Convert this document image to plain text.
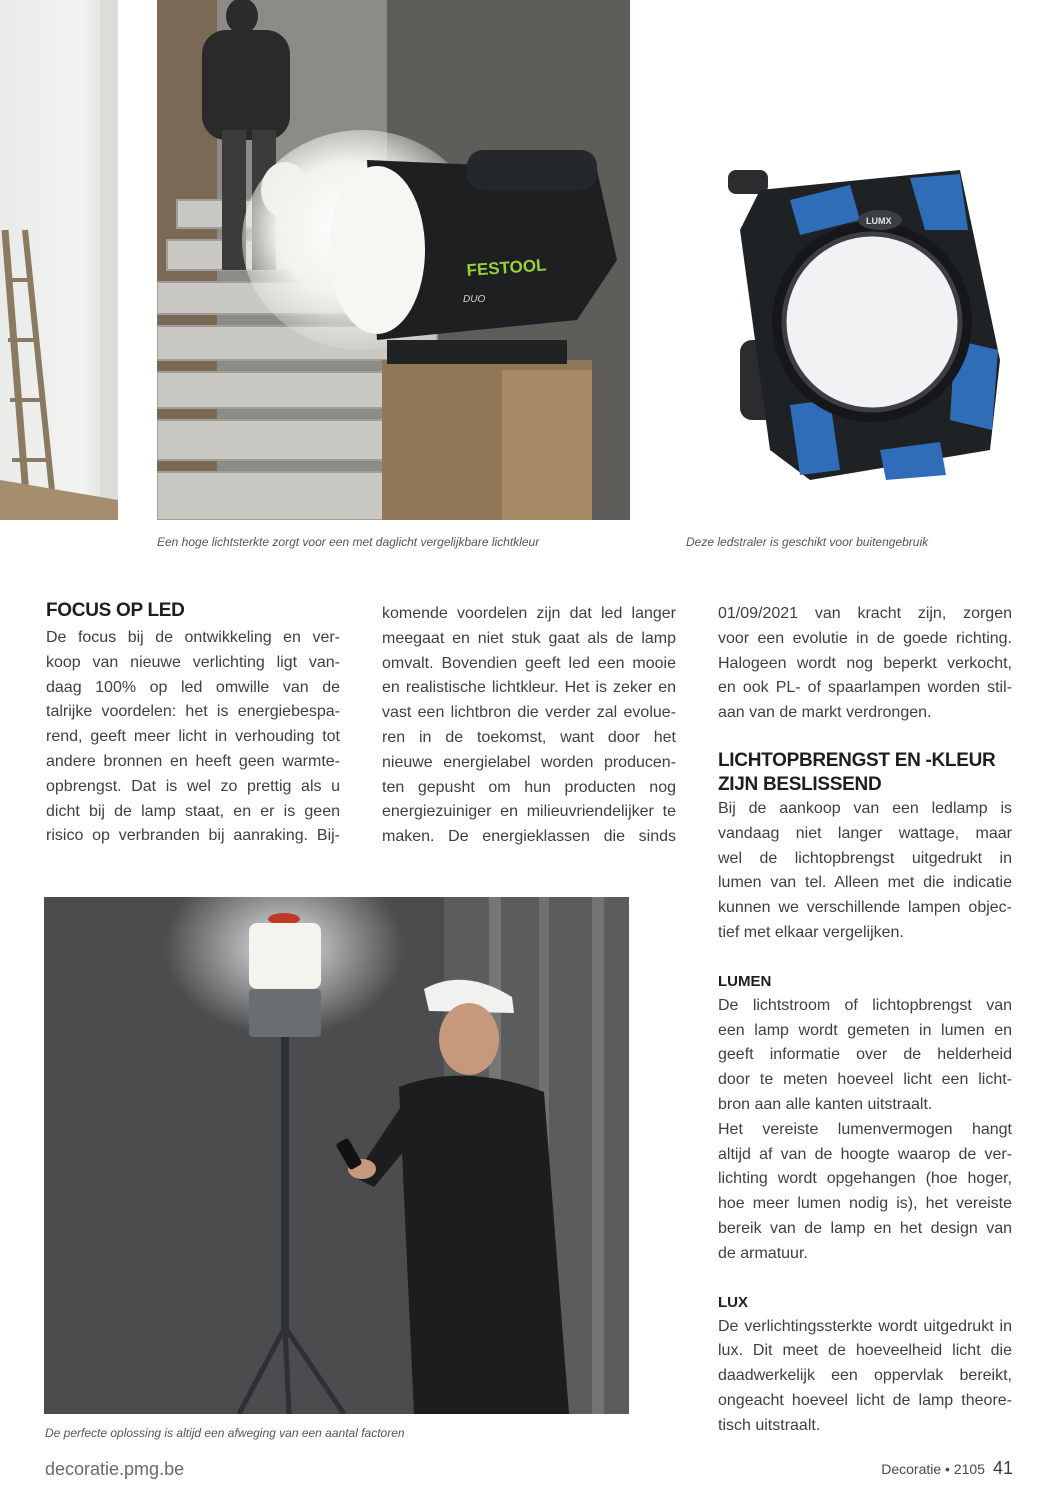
FESTOOL
DUO
LUMX
Een hoge lichtsterkte zorgt voor een met daglicht vergelijkbare lichtkleur	Deze ledstraler is geschikt voor buitengebruik
FOCUS OP LED

De focus bij de ontwikkeling en ver-
koop van nieuwe verlichting ligt van-
daag 100% op led omwille van de
talrijke voordelen: het is energiebespa-
rend, geeft meer licht in verhouding tot
andere bronnen en heeft geen warmte-
opbrengst. Dat is wel zo prettig als u
dicht bij de lamp staat, en er is geen
risico op verbranden bij aanraking. Bij-

komende voordelen zijn dat led langer
meegaat en niet stuk gaat als de lamp
omvalt. Bovendien geeft led een mooie
en realistische lichtkleur. Het is zeker en
vast een lichtbron die verder zal evolue-
ren in de toekomst, want door het
nieuwe energielabel worden producen-
ten gepusht om hun producten nog
energiezuiniger en milieuvriendelijker te
maken. De energieklassen die sinds

01/09/2021 van kracht zijn, zorgen
voor een evolutie in de goede richting.
Halogeen wordt nog beperkt verkocht,
en ook PL- of spaarlampen worden stil-
aan van de markt verdrongen.

LICHTOPBRENGST EN -KLEUR
ZIJN BESLISSEND

Bij de aankoop van een ledlamp is
vandaag niet langer wattage, maar
wel de lichtopbrengst uitgedrukt in
lumen van tel. Alleen met die indicatie
kunnen we verschillende lampen objec-
tief met elkaar vergelijken.

LUMEN

De lichtstroom of lichtopbrengst van
een lamp wordt gemeten in lumen en
geeft informatie over de helderheid
door te meten hoeveel licht een licht-
bron aan alle kanten uitstraalt.

Het vereiste lumenvermogen hangt
altijd af van de hoogte waarop de ver-
lichting wordt opgehangen (hoe hoger,
hoe meer lumen nodig is), het vereiste
bereik van de lamp en het design van
de armatuur.

LUX

De verlichtingssterkte wordt uitgedrukt in
lux. Dit meet de hoeveelheid licht die
daadwerkelijk een oppervlak bereikt,
ongeacht hoeveel licht de lamp theore-
tisch uitstraalt.

De perfecte oplossing is altijd een afweging van een aantal factoren
decoratie.pmg.be	Decoratie • 2105 41
